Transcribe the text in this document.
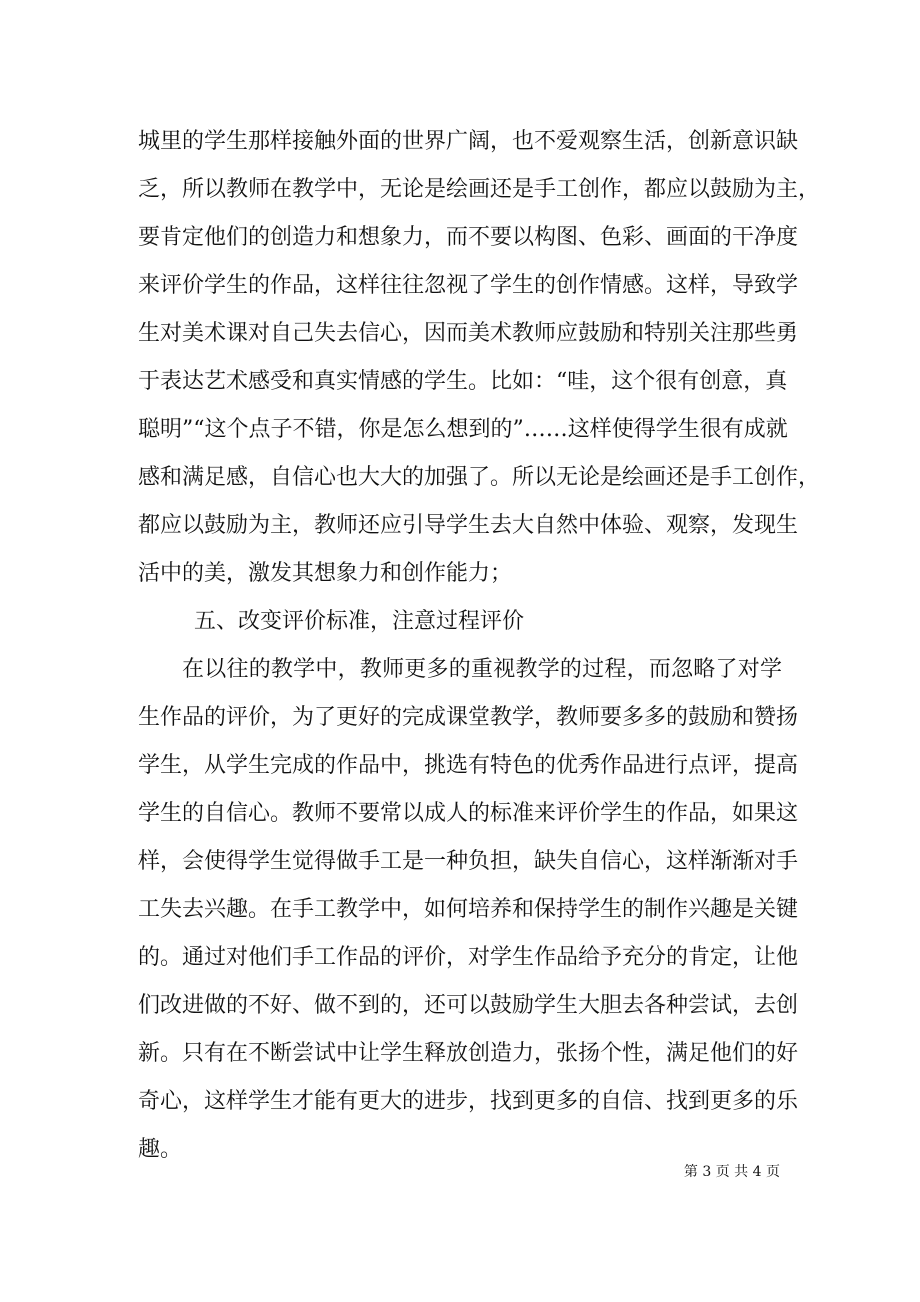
城里的学生那样接触外面的世界广阔，也不爱观察生活，创新意识缺
乏，所以教师在教学中，无论是绘画还是手工创作，都应以鼓励为主，
要肯定他们的创造力和想象力，而不要以构图、色彩、画面的干净度
来评价学生的作品，这样往往忽视了学生的创作情感。这样，导致学
生对美术课对自己失去信心，因而美术教师应鼓励和特别关注那些勇
于表达艺术感受和真实情感的学生。比如：“哇，这个很有创意，真
聪明”“这个点子不错，你是怎么想到的”……这样使得学生很有成就
感和满足感，自信心也大大的加强了。所以无论是绘画还是手工创作，
都应以鼓励为主，教师还应引导学生去大自然中体验、观察，发现生
活中的美，激发其想象力和创作能力；
五、改变评价标准，注意过程评价
在以往的教学中，教师更多的重视教学的过程，而忽略了对学
生作品的评价，为了更好的完成课堂教学，教师要多多的鼓励和赞扬
学生，从学生完成的作品中，挑选有特色的优秀作品进行点评，提高
学生的自信心。教师不要常以成人的标准来评价学生的作品，如果这
样，会使得学生觉得做手工是一种负担，缺失自信心，这样渐渐对手
工失去兴趣。在手工教学中，如何培养和保持学生的制作兴趣是关键
的。通过对他们手工作品的评价，对学生作品给予充分的肯定，让他
们改进做的不好、做不到的，还可以鼓励学生大胆去各种尝试，去创
新。只有在不断尝试中让学生释放创造力，张扬个性，满足他们的好
奇心，这样学生才能有更大的进步，找到更多的自信、找到更多的乐
趣。
第 3 页 共 4 页
